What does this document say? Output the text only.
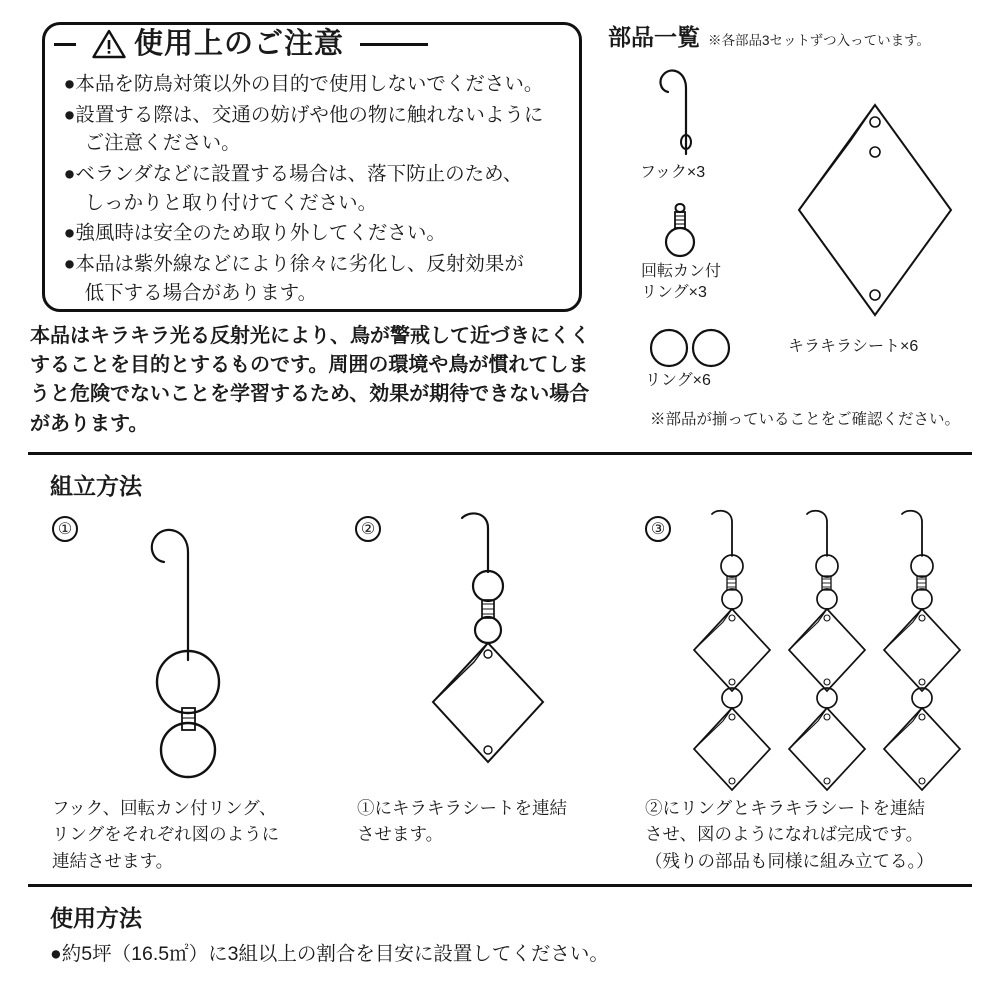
使用上のご注意
●本品を防鳥対策以外の目的で使用しないでください。
●設置する際は、交通の妨げや他の物に触れないように
ご注意ください。
●ベランダなどに設置する場合は、落下防止のため、
しっかりと取り付けてください。
●強風時は安全のため取り外してください。
●本品は紫外線などにより徐々に劣化し、反射効果が
低下する場合があります。
本品はキラキラ光る反射光により、鳥が警戒して近づきにくくすることを目的とするものです。周囲の環境や鳥が慣れてしまうと危険でないことを学習するため、効果が期待できない場合があります。
部品一覧 ※各部品3セットずつ入っています。
フック×3
回転カン付
リング×3
リング×6
キラキラシート×6
※部品が揃っていることをご確認ください。
組立方法
①
フック、回転カン付リング、
リングをそれぞれ図のように
連結させます。
②
①にキラキラシートを連結
させます。
③
②にリングとキラキラシートを連結
させ、図のようになれば完成です。
（残りの部品も同様に組み立てる。）
使用方法
●約5坪（16.5㎡）に3組以上の割合を目安に設置してください。
